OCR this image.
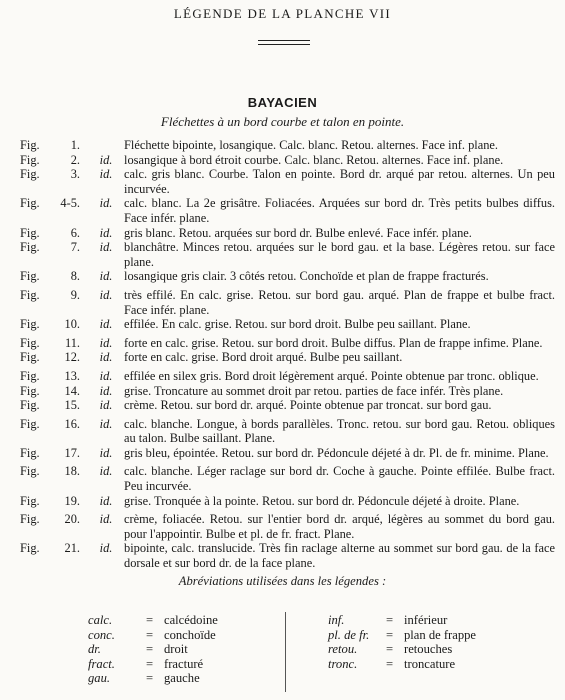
LÉGENDE DE LA PLANCHE VII
BAYACIEN
Fléchettes à un bord courbe et talon en pointe.
Fig.	1.	Fléchette bipointe, losangique. Calc. blanc. Retou. alternes. Face inf. plane.
Fig.	2.	id. losangique à bord étroit courbe. Calc. blanc. Retou. alternes. Face inf. plane.
Fig.	3.	id. calc. gris blanc. Courbe. Talon en pointe. Bord dr. arqué par retou. alternes. Un peu incurvée.
Fig.	4-5.	id. calc. blanc. La 2e grisâtre. Foliacées. Arquées sur bord dr. Très petits bulbes diffus. Face infér. plane.
Fig.	6.	id. gris blanc. Retou. arquées sur bord dr. Bulbe enlevé. Face infér. plane.
Fig.	7.	id. blanchâtre. Minces retou. arquées sur le bord gau. et la base. Légères retou. sur face plane.
Fig.	8.	id. losangique gris clair. 3 côtés retou. Conchoïde et plan de frappe fracturés.
Fig.	9.	id. très effilé. En calc. grise. Retou. sur bord gau. arqué. Plan de frappe et bulbe fract. Face infér. plane.
Fig.	10.	id. effilée. En calc. grise. Retou. sur bord droit. Bulbe peu saillant. Plane.
Fig.	11.	id. forte en calc. grise. Retou. sur bord droit. Bulbe diffus. Plan de frappe infime. Plane.
Fig.	12.	id. forte en calc. grise. Bord droit arqué. Bulbe peu saillant.
Fig.	13.	id. effilée en silex gris. Bord droit légèrement arqué. Pointe obtenue par tronc. oblique.
Fig.	14.	id. grise. Troncature au sommet droit par retou. parties de face infér. Très plane.
Fig.	15.	id. crème. Retou. sur bord dr. arqué. Pointe obtenue par troncat. sur bord gau.
Fig.	16.	id. calc. blanche. Longue, à bords parallèles. Tronc. retou. sur bord gau. Retou. obliques au talon. Bulbe saillant. Plane.
Fig.	17.	id. gris bleu, épointée. Retou. sur bord dr. Pédoncule déjeté à dr. Pl. de fr. minime. Plane.
Fig.	18.	id. calc. blanche. Léger raclage sur bord dr. Coche à gauche. Pointe effilée. Bulbe fract. Peu incurvée.
Fig.	19.	id. grise. Tronquée à la pointe. Retou. sur bord dr. Pédoncule déjeté à droite. Plane.
Fig.	20.	id. crème, foliacée. Retou. sur l'entier bord dr. arqué, légères au sommet du bord gau. pour l'appointir. Bulbe et pl. de fr. fract. Plane.
Fig.	21.	id. bipointe, calc. translucide. Très fin raclage alterne au sommet sur bord gau. de la face dorsale et sur bord dr. de la face plane.
Abréviations utilisées dans les légendes :
calc.	= calcédoine
conc. = conchoïde
dr.	= droit
fract. = fracturé
gau.	= gauche
inf.	= inférieur
pl. de fr. = plan de frappe
retou. = retouches
tronc. = troncature
